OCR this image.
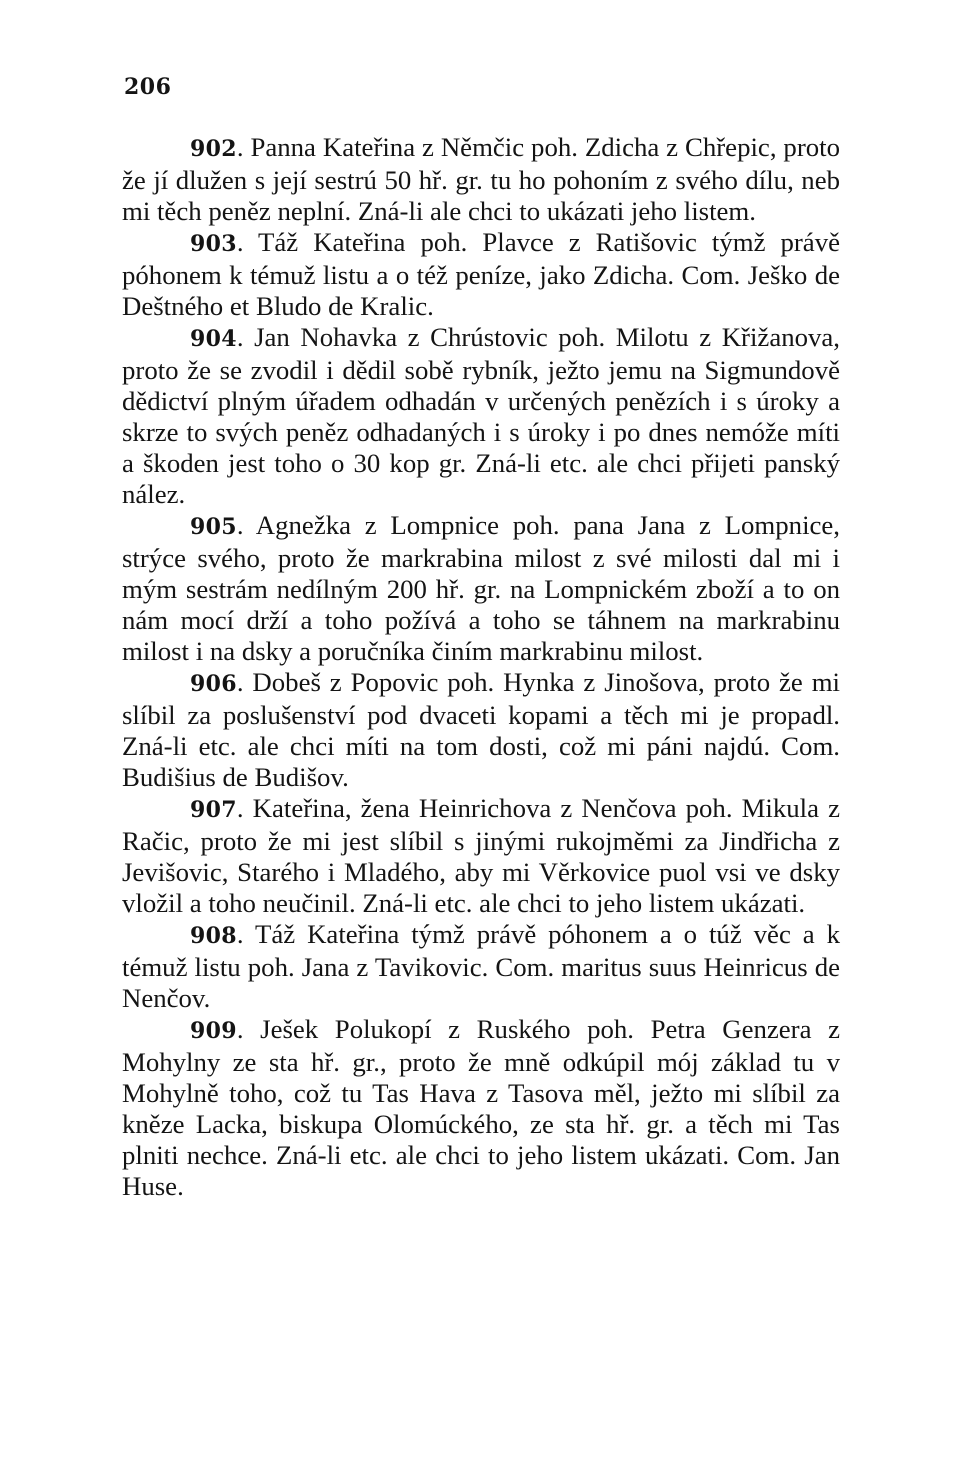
206

902. Panna Kateřina z Němčic poh. Zdicha z Chřepic, proto že jí dlužen s její sestrú 50 hř. gr. tu ho pohoním z svého dílu, neb mi těch peněz neplní. Zná-li ale chci to ukázati jeho listem.

903. Táž Kateřina poh. Plavce z Ratišovic týmž právě póhonem k témuž listu a o též peníze, jako Zdicha. Com. Ješko de Deštného et Bludo de Kralic.

904. Jan Nohavka z Chrústovic poh. Milotu z Křižanova, proto že se zvodil i dědil sobě rybník, ježto jemu na Sigmundově dědictví plným úřadem odhadán v určených penězích i s úroky a skrze to svých peněz odhadaných i s úroky i po dnes nemóže míti a škoden jest toho o 30 kop gr. Zná-li etc. ale chci přijeti panský nález.

905. Agnežka z Lompnice poh. pana Jana z Lompnice, strýce svého, proto že markrabina milost z své milosti dal mi i mým sestrám nedílným 200 hř. gr. na Lompnickém zboží a to on nám mocí drží a toho požívá a toho se táhnem na markrabinu milost i na dsky a poručníka činím markrabinu milost.

906. Dobeš z Popovic poh. Hynka z Jinošova, proto že mi slíbil za poslušenství pod dvaceti kopami a těch mi je propadl. Zná-li etc. ale chci míti na tom dosti, což mi páni najdú. Com. Budišius de Budišov.

907. Kateřina, žena Heinrichova z Nenčova poh. Mikula z Račic, proto že mi jest slíbil s jinými rukojměmi za Jindřicha z Jevišovic, Starého i Mladého, aby mi Věrkovice puol vsi ve dsky vložil a toho neučinil. Zná-li etc. ale chci to jeho listem ukázati.

908. Táž Kateřina týmž právě póhonem a o túž věc a k témuž listu poh. Jana z Tavikovic. Com. maritus suus Heinricus de Nenčov.

909. Ješek Polukopí z Ruského poh. Petra Genzera z Mohylny ze sta hř. gr., proto že mně odkúpil mój základ tu v Mohylně toho, což tu Tas Hava z Tasova měl, ježto mi slíbil za kněze Lacka, biskupa Olomúckého, ze sta hř. gr. a těch mi Tas plniti nechce. Zná-li etc. ale chci to jeho listem ukázati. Com. Jan Huse.
